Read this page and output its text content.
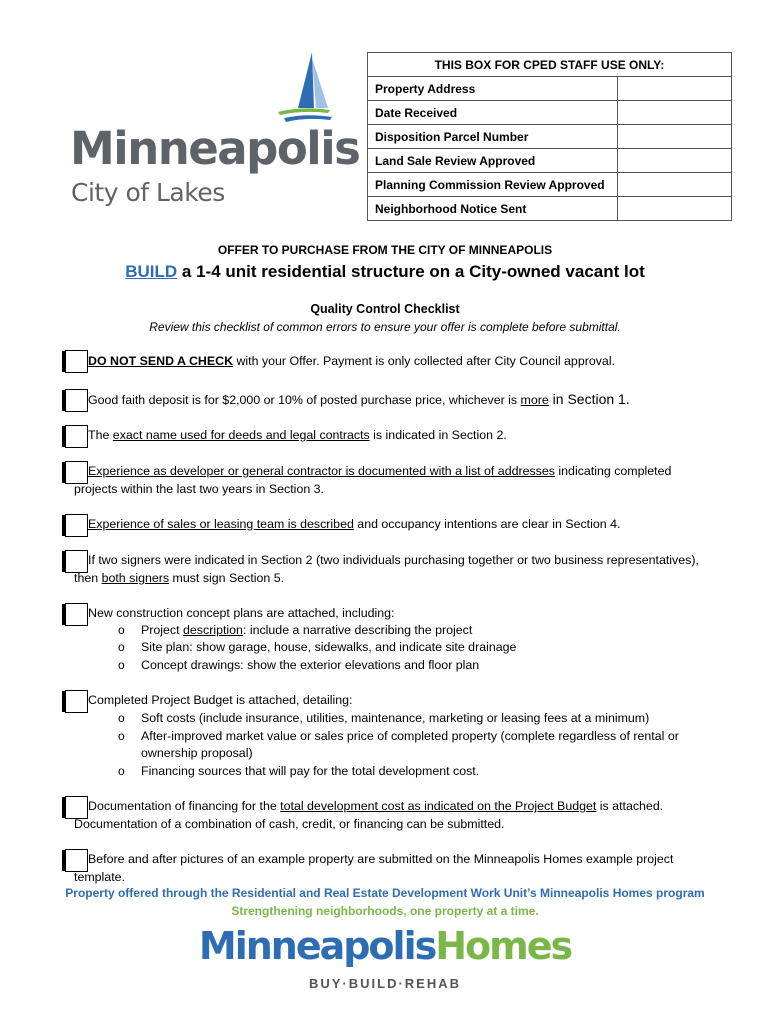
Minneapolis
City of Lakes
THIS BOX FOR CPED STAFF USE ONLY:	
Property Address	
Date Received	
Disposition Parcel Number	
Land Sale Review Approved	
Planning Commission Review Approved	
Neighborhood Notice Sent	
OFFER TO PURCHASE FROM THE CITY OF MINNEAPOLIS
BUILD a 1-4 unit residential structure on a City-owned vacant lot
Quality Control Checklist
Review this checklist of common errors to ensure your offer is complete before submittal.
DO NOT SEND A CHECK with your Offer. Payment is only collected after City Council approval.
Good faith deposit is for $2,000 or 10% of posted purchase price, whichever is more in Section 1.
The exact name used for deeds and legal contracts is indicated in Section 2.
Experience as developer or general contractor is documented with a list of addresses indicating completed
projects within the last two years in Section 3.
Experience of sales or leasing team is described and occupancy intentions are clear in Section 4.
If two signers were indicated in Section 2 (two individuals purchasing together or two business representatives),
then both signers must sign Section 5.
New construction concept plans are attached, including:
o Project description: include a narrative describing the project
o Site plan: show garage, house, sidewalks, and indicate site drainage
o Concept drawings: show the exterior elevations and floor plan
Completed Project Budget is attached, detailing:
o Soft costs (include insurance, utilities, maintenance, marketing or leasing fees at a minimum)
o After-improved market value or sales price of completed property (complete regardless of rental or
ownership proposal)
o Financing sources that will pay for the total development cost.
Documentation of financing for the total development cost as indicated on the Project Budget is attached.
Documentation of a combination of cash, credit, or financing can be submitted.
Before and after pictures of an example property are submitted on the Minneapolis Homes example project
template.
Property offered through the Residential and Real Estate Development Work Unit’s Minneapolis Homes program
Strengthening neighborhoods, one property at a time.
MinneapolisHomes
BUY·BUILD·REHAB
